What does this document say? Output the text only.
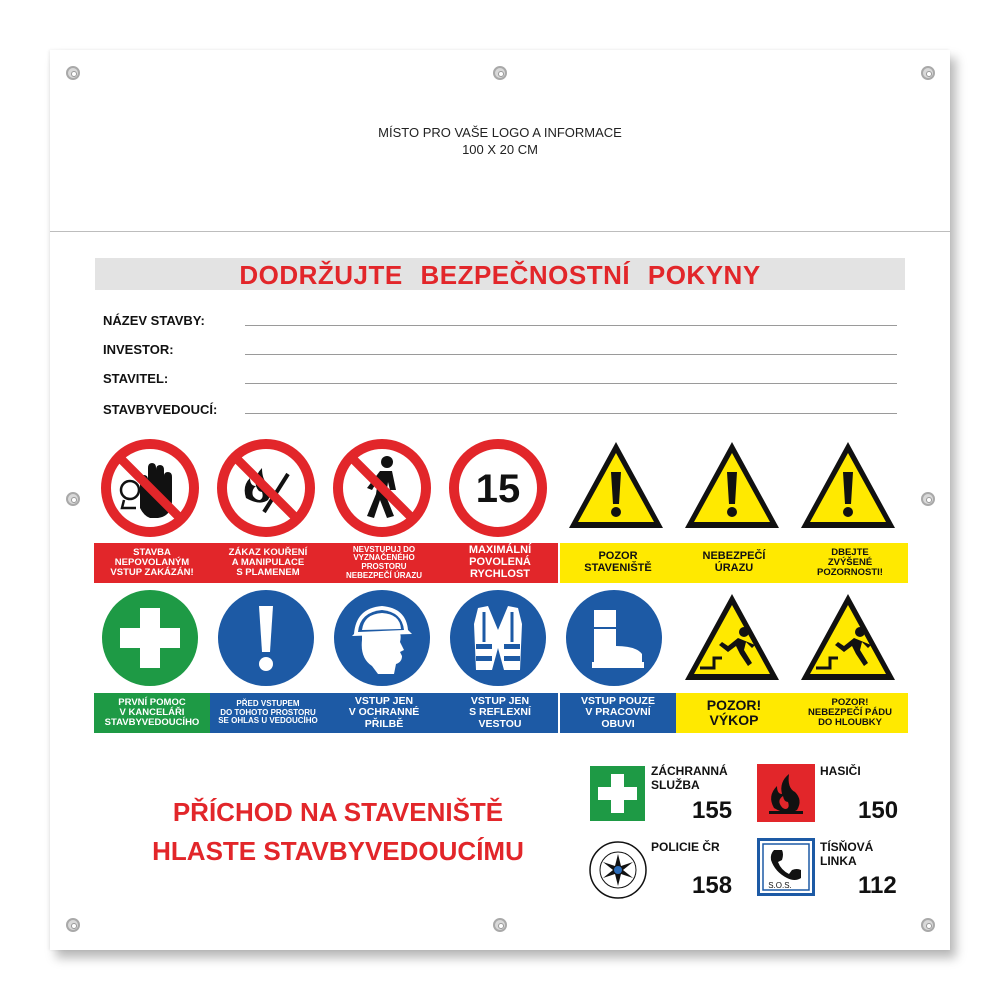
MÍSTO PRO VAŠE LOGO A INFORMACE
100 X 20 CM
DODRŽUJTE BEZPEČNOSTNÍ POKYNY
NÁZEV STAVBY:
INVESTOR:
STAVITEL:
STAVBYVEDOUCÍ:
15
STAVBA
NEPOVOLANÝM
VSTUP ZAKÁZÁN!
ZÁKAZ KOUŘENÍ
A MANIPULACE
S PLAMENEM
NEVSTUPUJ DO
VYZNAČENÉHO PROSTORU
NEBEZPEČÍ ÚRAZU
MAXIMÁLNÍ
POVOLENÁ
RYCHLOST
POZOR
STAVENIŠTĚ
NEBEZPEČÍ
ÚRAZU
DBEJTE
ZVÝŠENÉ
POZORNOSTI!
PRVNÍ POMOC
V KANCELÁŘI
STAVBYVEDOUCÍHO
PŘED VSTUPEM
DO TOHOTO PROSTORU
SE OHLAS U VEDOUCÍHO
VSTUP JEN
V OCHRANNÉ
PŘILBĚ
VSTUP JEN
S REFLEXNÍ
VESTOU
VSTUP POUZE
V PRACOVNÍ
OBUVI
POZOR!
VÝKOP
POZOR!
NEBEZPEČÍ PÁDU
DO HLOUBKY
PŘÍCHOD NA STAVENIŠTĚ
HLASTE STAVBYVEDOUCÍMU
ZÁCHRANNÁ
SLUŽBA
155
HASIČI
150
POLICIE ČR
158	S.O.S.
TÍSŇOVÁ
LINKA
112
